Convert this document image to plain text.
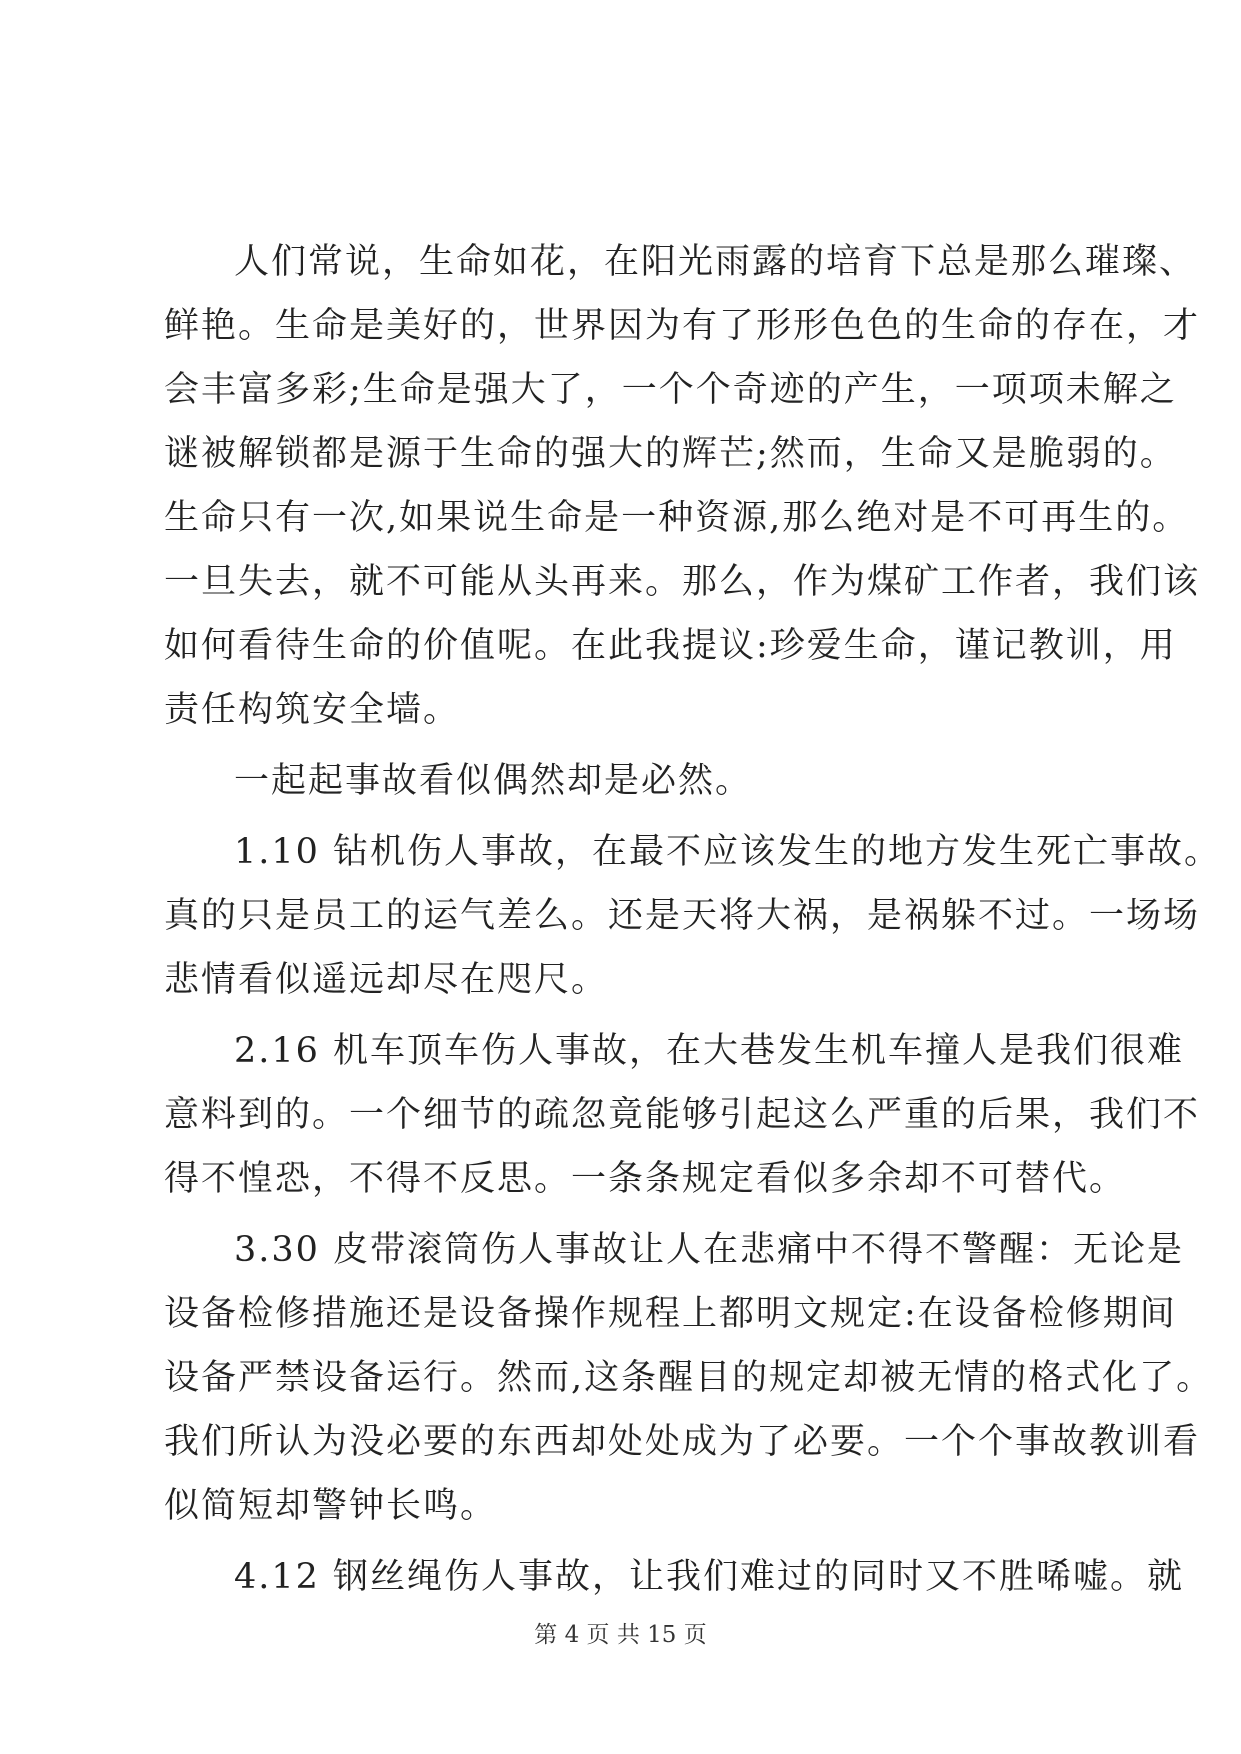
人们常说，生命如花，在阳光雨露的培育下总是那么璀璨、
鲜艳。生命是美好的，世界因为有了形形色色的生命的存在，才
会丰富多彩;生命是强大了，一个个奇迹的产生，一项项未解之
谜被解锁都是源于生命的强大的辉芒;然而，生命又是脆弱的。
生命只有一次,如果说生命是一种资源,那么绝对是不可再生的。
一旦失去，就不可能从头再来。那么，作为煤矿工作者，我们该
如何看待生命的价值呢。在此我提议:珍爱生命，谨记教训，用
责任构筑安全墙。
一起起事故看似偶然却是必然。
1.10 钻机伤人事故，在最不应该发生的地方发生死亡事故。
真的只是员工的运气差么。还是天将大祸，是祸躲不过。一场场
悲情看似遥远却尽在咫尺。
2.16 机车顶车伤人事故，在大巷发生机车撞人是我们很难
意料到的。一个细节的疏忽竟能够引起这么严重的后果，我们不
得不惶恐，不得不反思。一条条规定看似多余却不可替代。
3.30 皮带滚筒伤人事故让人在悲痛中不得不警醒：无论是
设备检修措施还是设备操作规程上都明文规定:在设备检修期间
设备严禁设备运行。然而,这条醒目的规定却被无情的格式化了。
我们所认为没必要的东西却处处成为了必要。一个个事故教训看
似简短却警钟长鸣。
4.12 钢丝绳伤人事故，让我们难过的同时又不胜唏嘘。就
第 4 页 共 15 页
